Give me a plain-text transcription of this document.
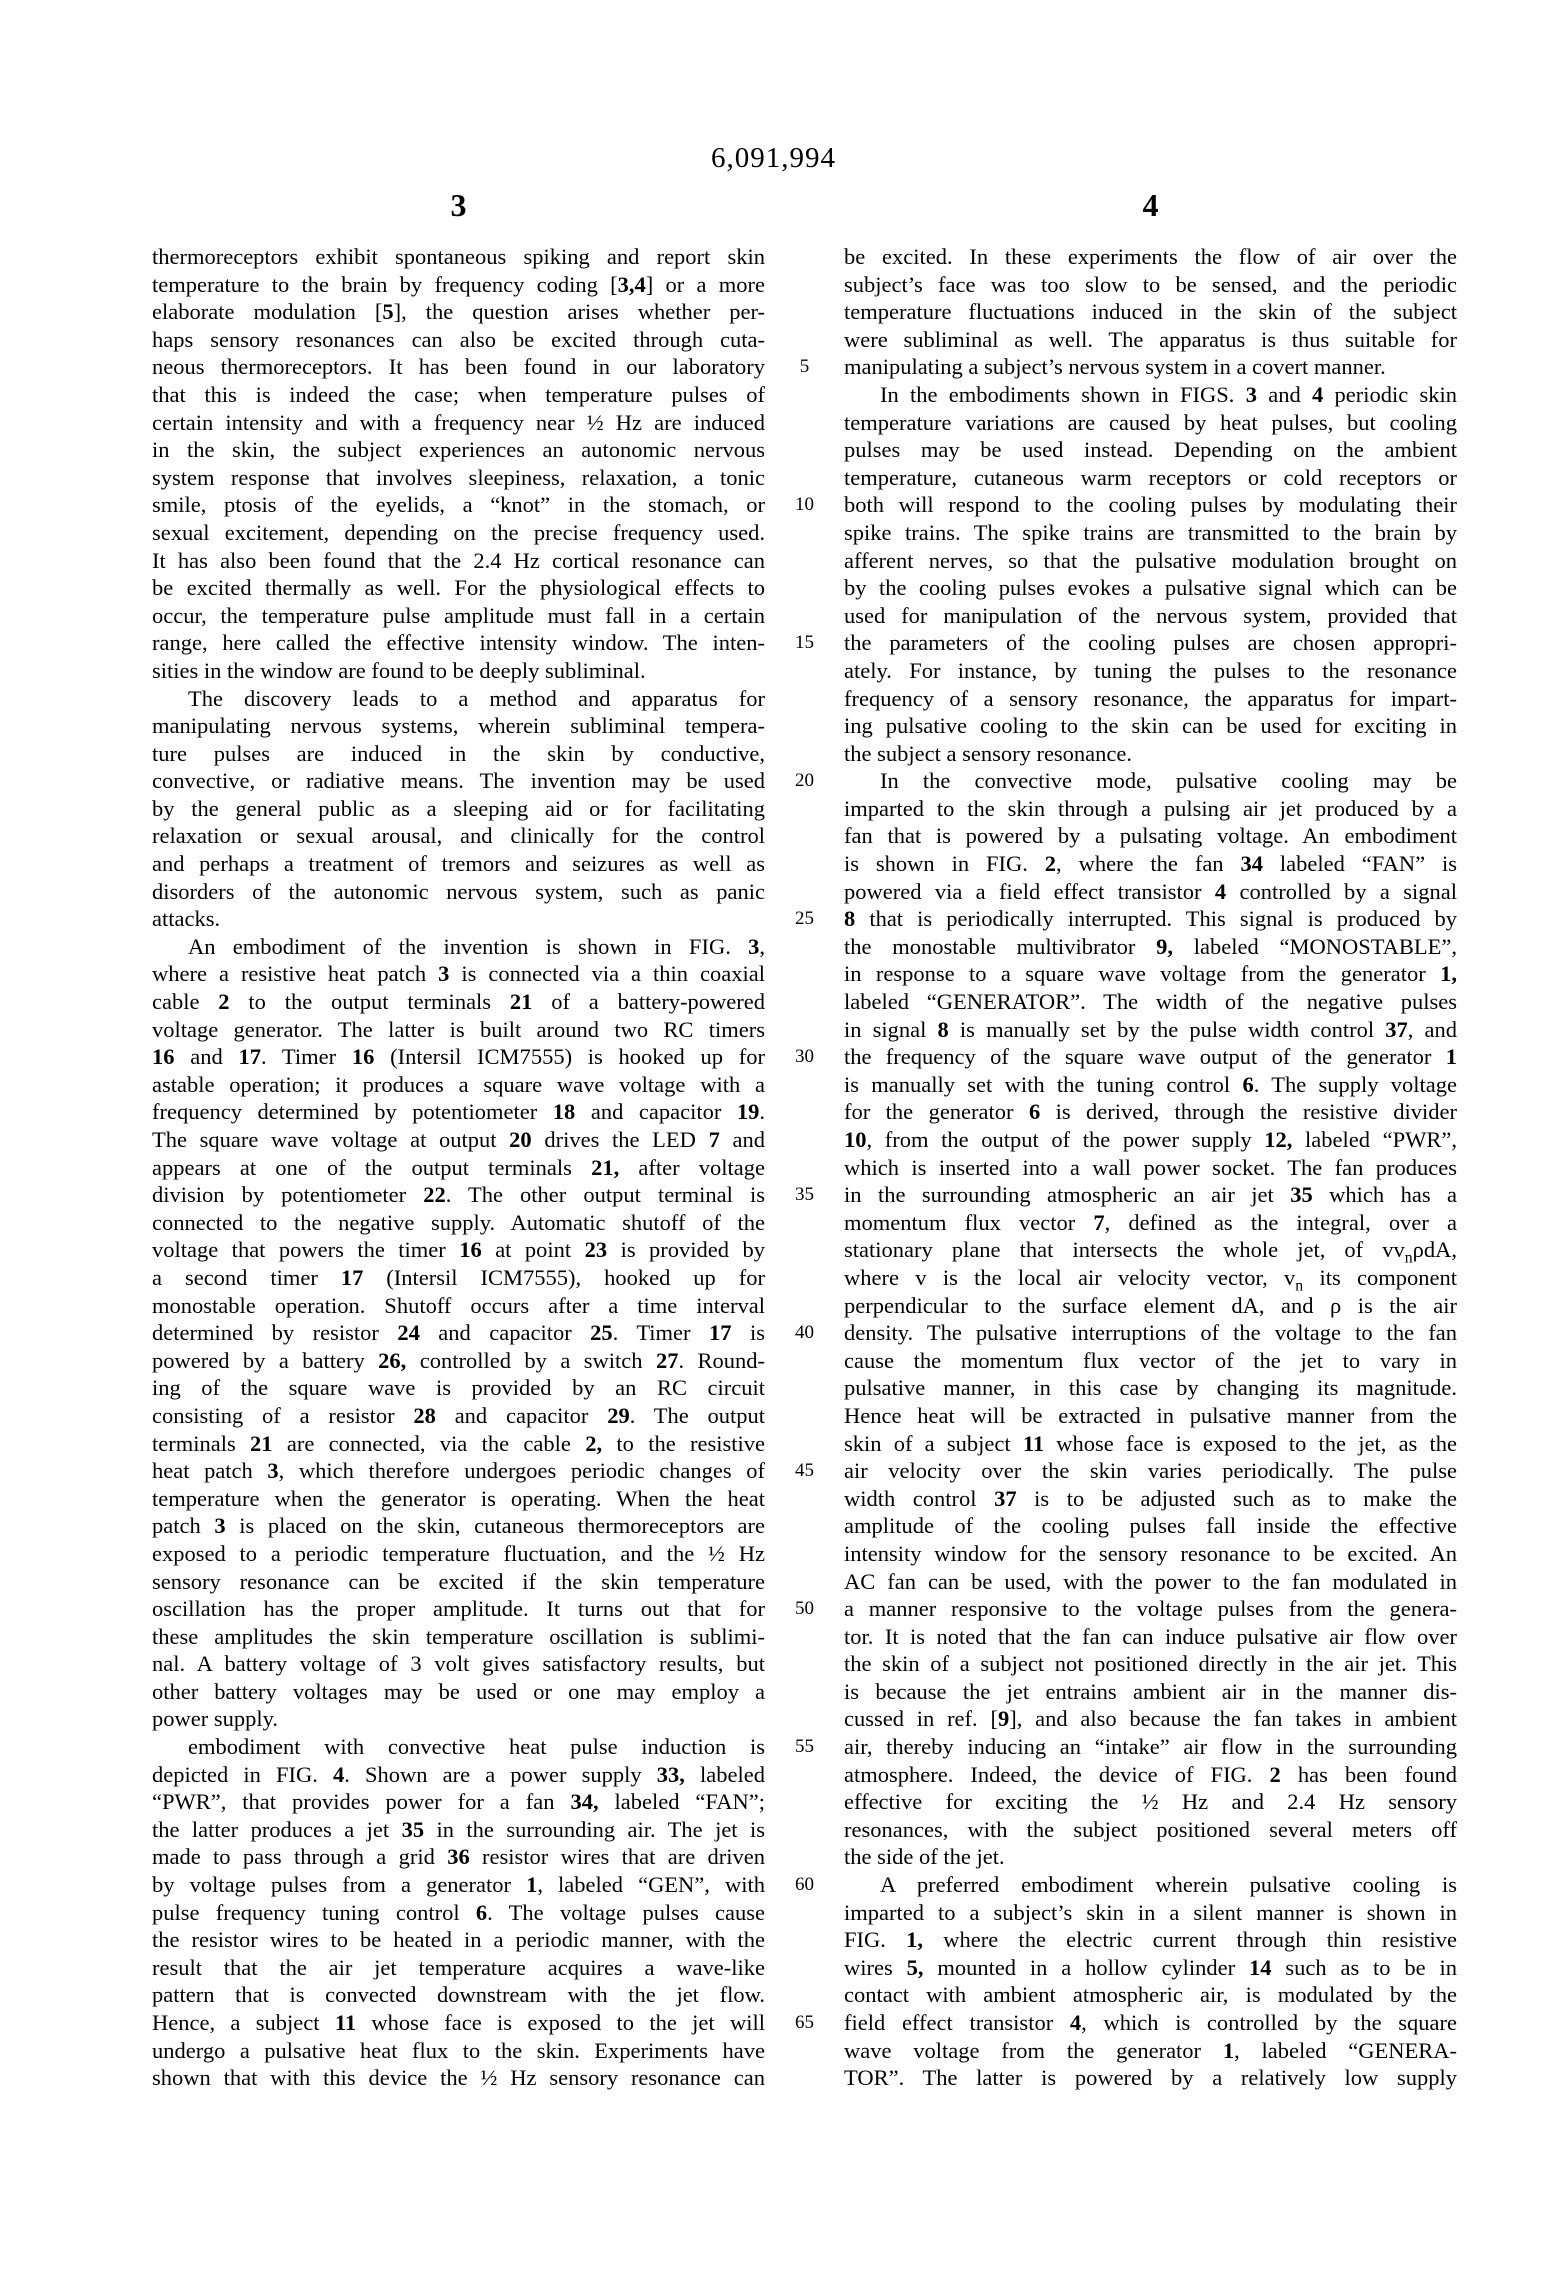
6,091,994
3	4
thermoreceptors exhibit spontaneous spiking and report skin
temperature to the brain by frequency coding [3,4] or a more
elaborate modulation [5], the question arises whether per-
haps sensory resonances can also be excited through cuta-
neous thermoreceptors. It has been found in our laboratory
that this is indeed the case; when temperature pulses of
certain intensity and with a frequency near ½ Hz are induced
in the skin, the subject experiences an autonomic nervous
system response that involves sleepiness, relaxation, a tonic
smile, ptosis of the eyelids, a “knot” in the stomach, or
sexual excitement, depending on the precise frequency used.
It has also been found that the 2.4 Hz cortical resonance can
be excited thermally as well. For the physiological effects to
occur, the temperature pulse amplitude must fall in a certain
range, here called the effective intensity window. The inten-
sities in the window are found to be deeply subliminal.
The discovery leads to a method and apparatus for
manipulating nervous systems, wherein subliminal tempera-
ture pulses are induced in the skin by conductive,
convective, or radiative means. The invention may be used
by the general public as a sleeping aid or for facilitating
relaxation or sexual arousal, and clinically for the control
and perhaps a treatment of tremors and seizures as well as
disorders of the autonomic nervous system, such as panic
attacks.
An embodiment of the invention is shown in FIG. 3,
where a resistive heat patch 3 is connected via a thin coaxial
cable 2 to the output terminals 21 of a battery-powered
voltage generator. The latter is built around two RC timers
16 and 17. Timer 16 (Intersil ICM7555) is hooked up for
astable operation; it produces a square wave voltage with a
frequency determined by potentiometer 18 and capacitor 19.
The square wave voltage at output 20 drives the LED 7 and
appears at one of the output terminals 21, after voltage
division by potentiometer 22. The other output terminal is
connected to the negative supply. Automatic shutoff of the
voltage that powers the timer 16 at point 23 is provided by
a second timer 17 (Intersil ICM7555), hooked up for
monostable operation. Shutoff occurs after a time interval
determined by resistor 24 and capacitor 25. Timer 17 is
powered by a battery 26, controlled by a switch 27. Round-
ing of the square wave is provided by an RC circuit
consisting of a resistor 28 and capacitor 29. The output
terminals 21 are connected, via the cable 2, to the resistive
heat patch 3, which therefore undergoes periodic changes of
temperature when the generator is operating. When the heat
patch 3 is placed on the skin, cutaneous thermoreceptors are
exposed to a periodic temperature fluctuation, and the ½ Hz
sensory resonance can be excited if the skin temperature
oscillation has the proper amplitude. It turns out that for
these amplitudes the skin temperature oscillation is sublimi-
nal. A battery voltage of 3 volt gives satisfactory results, but
other battery voltages may be used or one may employ a
power supply.
embodiment with convective heat pulse induction is
depicted in FIG. 4. Shown are a power supply 33, labeled
“PWR”, that provides power for a fan 34, labeled “FAN”;
the latter produces a jet 35 in the surrounding air. The jet is
made to pass through a grid 36 resistor wires that are driven
by voltage pulses from a generator 1, labeled “GEN”, with
pulse frequency tuning control 6. The voltage pulses cause
the resistor wires to be heated in a periodic manner, with the
result that the air jet temperature acquires a wave-like
pattern that is convected downstream with the jet flow.
Hence, a subject 11 whose face is exposed to the jet will
undergo a pulsative heat flux to the skin. Experiments have
shown that with this device the ½ Hz sensory resonance can
5
10
15
20
25
30
35
40
45
50
55
60
65
be excited. In these experiments the flow of air over the
subject’s face was too slow to be sensed, and the periodic
temperature fluctuations induced in the skin of the subject
were subliminal as well. The apparatus is thus suitable for
manipulating a subject’s nervous system in a covert manner.
In the embodiments shown in FIGS. 3 and 4 periodic skin
temperature variations are caused by heat pulses, but cooling
pulses may be used instead. Depending on the ambient
temperature, cutaneous warm receptors or cold receptors or
both will respond to the cooling pulses by modulating their
spike trains. The spike trains are transmitted to the brain by
afferent nerves, so that the pulsative modulation brought on
by the cooling pulses evokes a pulsative signal which can be
used for manipulation of the nervous system, provided that
the parameters of the cooling pulses are chosen appropri-
ately. For instance, by tuning the pulses to the resonance
frequency of a sensory resonance, the apparatus for impart-
ing pulsative cooling to the skin can be used for exciting in
the subject a sensory resonance.
In the convective mode, pulsative cooling may be
imparted to the skin through a pulsing air jet produced by a
fan that is powered by a pulsating voltage. An embodiment
is shown in FIG. 2, where the fan 34 labeled “FAN” is
powered via a field effect transistor 4 controlled by a signal
8 that is periodically interrupted. This signal is produced by
the monostable multivibrator 9, labeled “MONOSTABLE”,
in response to a square wave voltage from the generator 1,
labeled “GENERATOR”. The width of the negative pulses
in signal 8 is manually set by the pulse width control 37, and
the frequency of the square wave output of the generator 1
is manually set with the tuning control 6. The supply voltage
for the generator 6 is derived, through the resistive divider
10, from the output of the power supply 12, labeled “PWR”,
which is inserted into a wall power socket. The fan produces
in the surrounding atmospheric an air jet 35 which has a
momentum flux vector 7, defined as the integral, over a
stationary plane that intersects the whole jet, of $vv_n\rho dA$,
where v is the local air velocity vector, $v_n$ its component
perpendicular to the surface element dA, and ρ is the air
density. The pulsative interruptions of the voltage to the fan
cause the momentum flux vector of the jet to vary in
pulsative manner, in this case by changing its magnitude.
Hence heat will be extracted in pulsative manner from the
skin of a subject 11 whose face is exposed to the jet, as the
air velocity over the skin varies periodically. The pulse
width control 37 is to be adjusted such as to make the
amplitude of the cooling pulses fall inside the effective
intensity window for the sensory resonance to be excited. An
AC fan can be used, with the power to the fan modulated in
a manner responsive to the voltage pulses from the genera-
tor. It is noted that the fan can induce pulsative air flow over
the skin of a subject not positioned directly in the air jet. This
is because the jet entrains ambient air in the manner dis-
cussed in ref. [9], and also because the fan takes in ambient
air, thereby inducing an “intake” air flow in the surrounding
atmosphere. Indeed, the device of FIG. 2 has been found
effective for exciting the ½ Hz and 2.4 Hz sensory
resonances, with the subject positioned several meters off
the side of the jet.
A preferred embodiment wherein pulsative cooling is
imparted to a subject’s skin in a silent manner is shown in
FIG. 1, where the electric current through thin resistive
wires 5, mounted in a hollow cylinder 14 such as to be in
contact with ambient atmospheric air, is modulated by the
field effect transistor 4, which is controlled by the square
wave voltage from the generator 1, labeled “GENERA-
TOR”. The latter is powered by a relatively low supply
